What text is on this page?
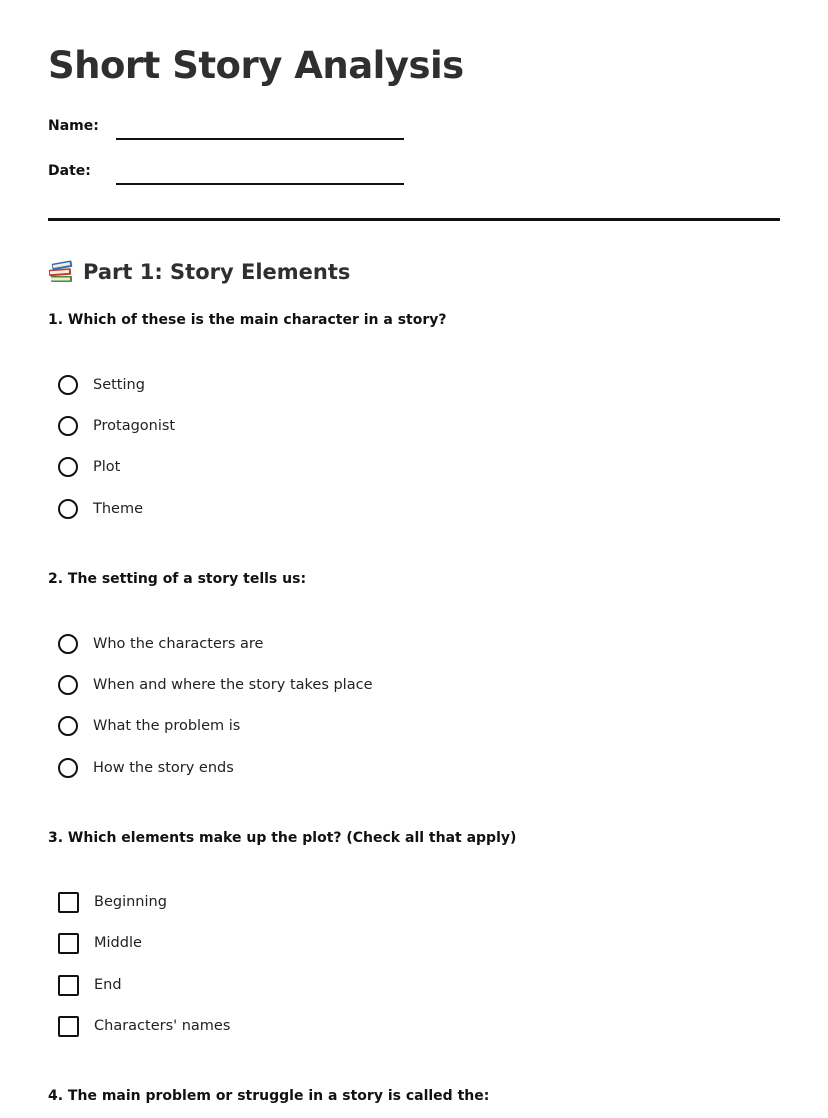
Short Story Analysis
Name:
Date:
Part 1: Story Elements
1. Which of these is the main character in a story?
Setting
Protagonist
Plot
Theme
2. The setting of a story tells us:
Who the characters are
When and where the story takes place
What the problem is
How the story ends
3. Which elements make up the plot? (Check all that apply)
Beginning
Middle
End
Characters' names
4. The main problem or struggle in a story is called the:
